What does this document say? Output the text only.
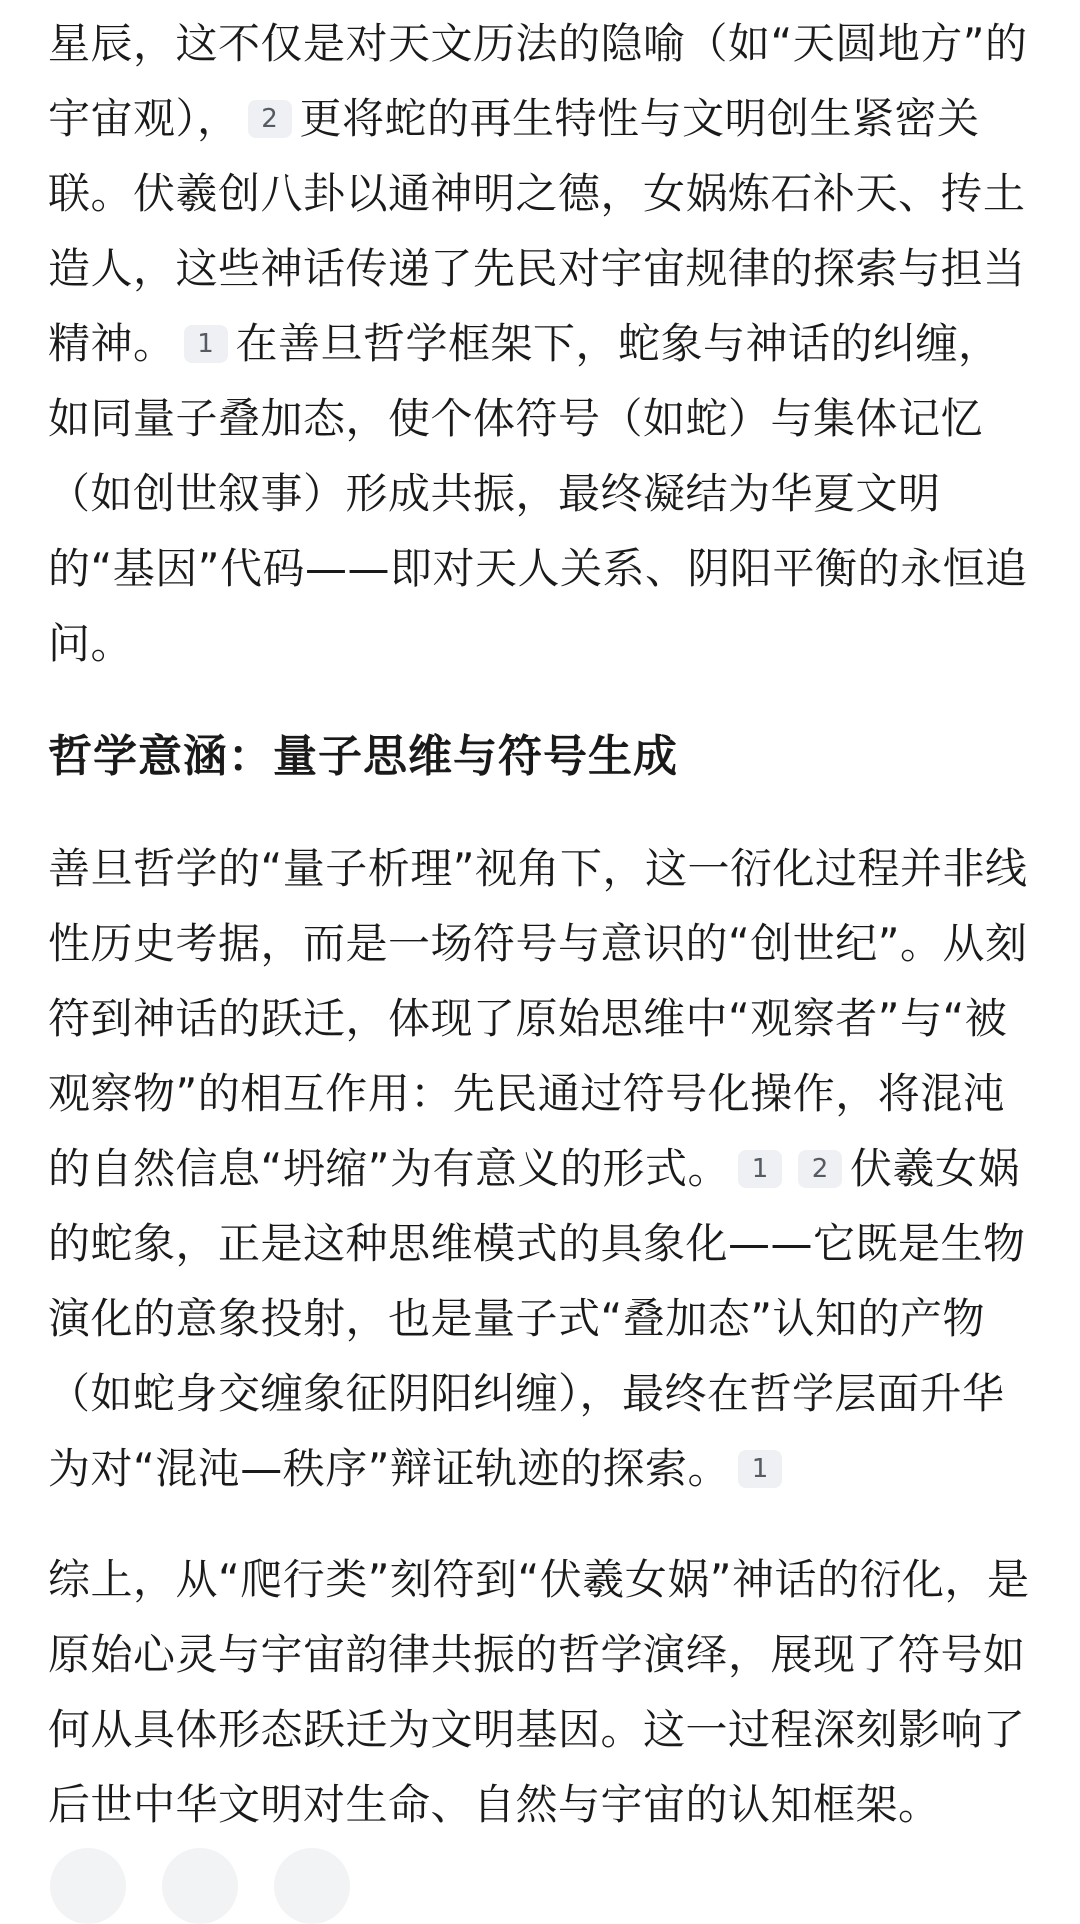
星辰，这不仅是对天文历法的隐喻（如“天圆地方”的宇宙观）， 2 更将蛇的再生特性与文明创生紧密关联。伏羲创八卦以通神明之德，女娲炼石补天、抟土造人，这些神话传递了先民对宇宙规律的探索与担当精神。 1 在善旦哲学框架下，蛇象与神话的纠缠，如同量子叠加态，使个体符号（如蛇）与集体记忆（如创世叙事）形成共振，最终凝结为华夏文明的“基因”代码——即对天人关系、阴阳平衡的永恒追问。

哲学意涵：量子思维与符号生成

善旦哲学的“量子析理”视角下，这一衍化过程并非线性历史考据，而是一场符号与意识的“创世纪”。从刻符到神话的跃迁，体现了原始思维中“观察者”与“被观察物”的相互作用：先民通过符号化操作，将混沌的自然信息“坍缩”为有意义的形式。 1 2 伏羲女娲的蛇象，正是这种思维模式的具象化——它既是生物演化的意象投射，也是量子式“叠加态”认知的产物（如蛇身交缠象征阴阳纠缠），最终在哲学层面升华为对“混沌—秩序”辩证轨迹的探索。 1

综上，从“爬行类”刻符到“伏羲女娲”神话的衍化，是原始心灵与宇宙韵律共振的哲学演绎，展现了符号如何从具体形态跃迁为文明基因。这一过程深刻影响了后世中华文明对生命、自然与宇宙的认知框架。
